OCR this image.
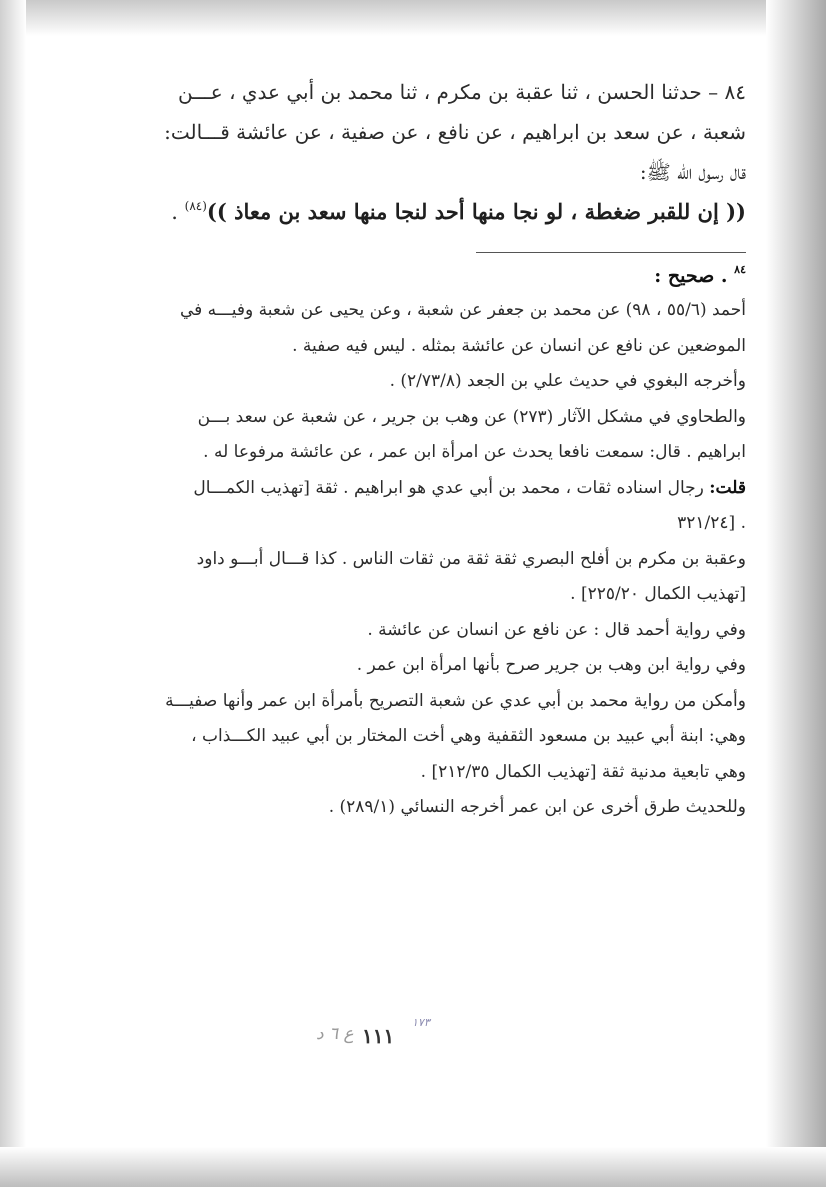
٨٤ – حدثنا الحسن ، ثنا عقبة بن مكرم ، ثنا محمد بن أبي عدي ، عـــن
شعبة ، عن سعد بن ابراهيم ، عن نافع ، عن صفية ، عن عائشة قـــالت:
قال رسول الله ﷺ:
(( إن للقبر ضغطة ، لو نجا منها أحد لنجا منها سعد بن معاذ ))$^{(٨٤)}$ .
$^{٨٤}$ . صحيح :
أحمد (٥٥/٦ ، ٩٨) عن محمد بن جعفر عن شعبة ، وعن يحيى عن شعبة وفيـــه في
الموضعين عن نافع عن انسان عن عائشة بمثله . ليس فيه صفية .
وأخرجه البغوي في حديث علي بن الجعد (٢/٧٣/٨) .
والطحاوي في مشكل الآثار (٢٧٣) عن وهب بن جرير ، عن شعبة عن سعد بـــن
ابراهيم . قال: سمعت نافعا يحدث عن امرأة ابن عمر ، عن عائشة مرفوعا له .
قلت: رجال اسناده ثقات ، محمد بن أبي عدي هو ابراهيم . ثقة [تهذيب الكمـــال
. [٣٢١/٢٤
وعقبة بن مكرم بن أفلح البصري ثقة ثقة من ثقات الناس . كذا قـــال أبـــو داود
[تهذيب الكمال ٢٢٥/٢٠] .
وفي رواية أحمد قال : عن نافع عن انسان عن عائشة .
وفي رواية ابن وهب بن جرير صرح بأنها امرأة ابن عمر .
وأمكن من رواية محمد بن أبي عدي عن شعبة التصريح بأمرأة ابن عمر وأنها صفيـــة
وهي: ابنة أبي عبيد بن مسعود الثقفية وهي أخت المختار بن أبي عبيد الكـــذاب ،
وهي تابعية مدنية ثقة [تهذيب الكمال ٢١٢/٣٥] .
وللحديث طرق أخرى عن ابن عمر أخرجه النسائي (٢٨٩/١) .
ع ٦ د ١١١
١٧٣
